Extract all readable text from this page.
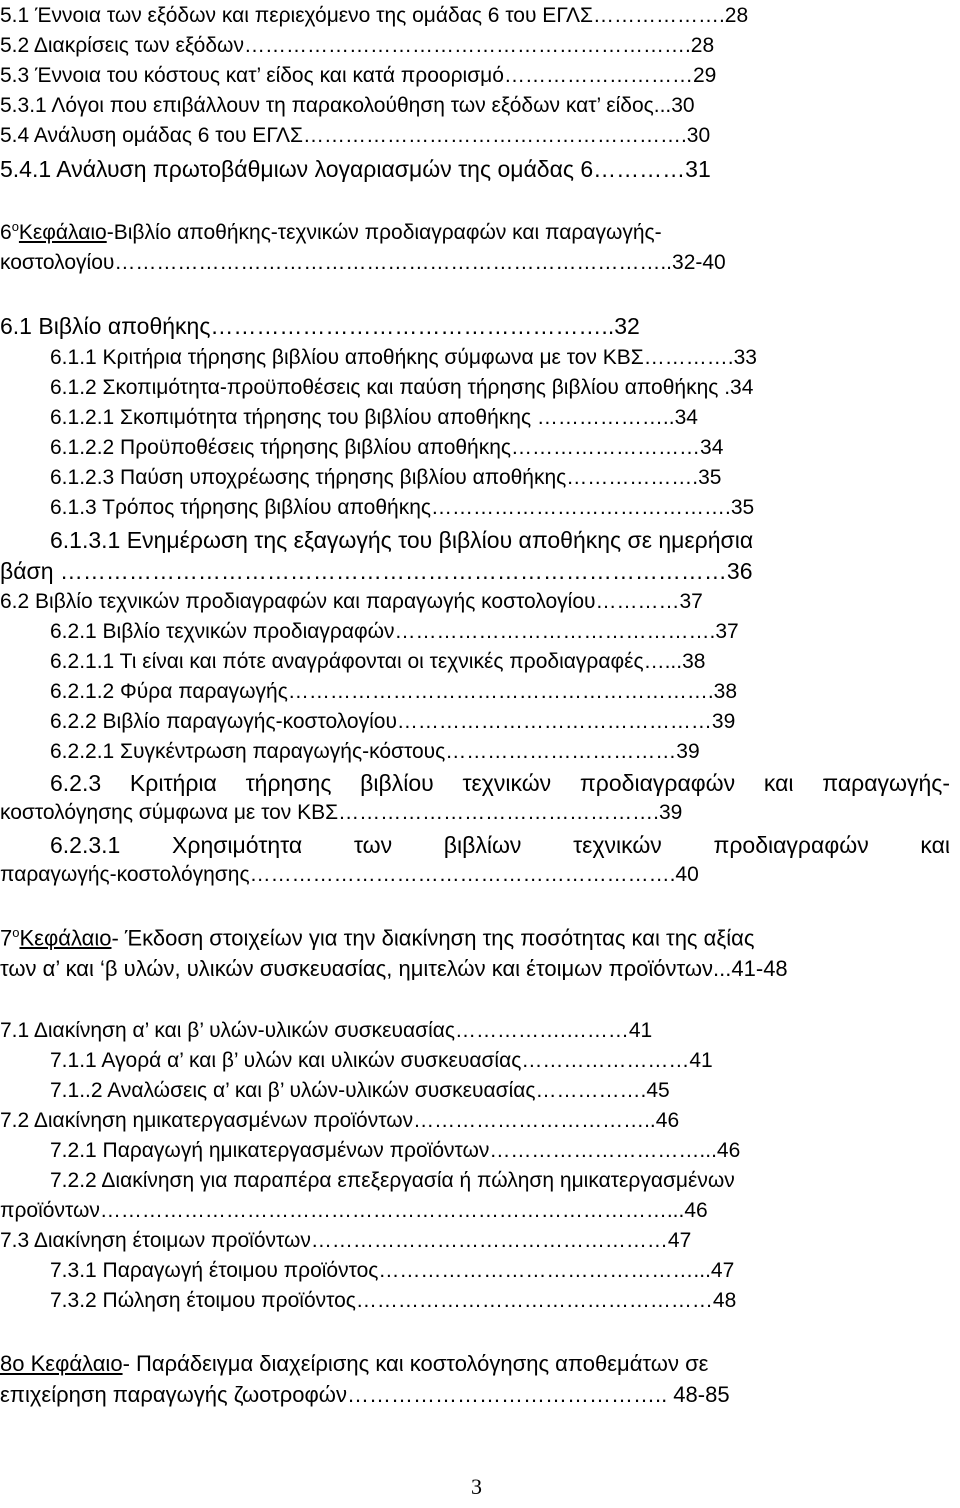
5.1 Έννοια των εξόδων και περιεχόμενο της ομάδας 6 του ΕΓΛΣ……………….28
5.2 Διακρίσεις των εξόδων……………………………………………………….28
5.3 Έννοια του κόστους κατ’ είδος και κατά προορισμό………………………29
5.3.1 Λόγοι που επιβάλλουν τη παρακολούθηση των εξόδων κατ’ είδος...30
5.4 Ανάλυση ομάδας 6 του ΕΓΛΣ……………………………………………….30
5.4.1 Ανάλυση πρωτοβάθμιων λογαριασμών της ομάδας 6…………31
$6^oK\varepsilon\varphi ά\lambda\alpha\iota o$-Βιβλίο αποθήκης-τεχνικών προδιαγραφών και παραγωγής-
κοστολογίου……………………………………………………………………..32-40
6.1 Βιβλίο αποθήκης……………………………………………..32
6.1.1 Κριτήρια τήρησης βιβλίου αποθήκης σύμφωνα με τον ΚΒΣ………….33
6.1.2 Σκοπιμότητα-προϋποθέσεις και παύση τήρησης βιβλίου αποθήκης .34
6.1.2.1 Σκοπιμότητα τήρησης του βιβλίου αποθήκης ………………..34
6.1.2.2 Προϋποθέσεις τήρησης βιβλίου αποθήκης………………………34
6.1.2.3 Παύση υποχρέωσης τήρησης βιβλίου αποθήκης……………….35
6.1.3 Τρόπος τήρησης βιβλίου αποθήκης…………………………………….35
6.1.3.1 Ενημέρωση της εξαγωγής του βιβλίου αποθήκης σε ημερήσια
βάση ……………………………………………………………………………36
6.2 Βιβλίο τεχνικών προδιαγραφών και παραγωγής κοστολογίου…………37
6.2.1 Βιβλίο τεχνικών προδιαγραφών……………………………………….37
6.2.1.1 Τι είναι και πότε αναγράφονται οι τεχνικές προδιαγραφές…...38
6.2.1.2 Φύρα παραγωγής…………………………………………………….38
6.2.2 Βιβλίο παραγωγής-κοστολογίου………………………………………39
6.2.2.1 Συγκέντρωση παραγωγής-κόστους……………………………39
6.2.3 Κριτήρια τήρησης βιβλίου τεχνικών προδιαγραφών και παραγωγής-
κοστολόγησης σύμφωνα με τον ΚΒΣ……………………………………….39
6.2.3.1 Χρησιμότητα των βιβλίων τεχνικών προδιαγραφών και
παραγωγής-κοστολόγησης…………………………………………………….40
$7^oK\varepsilon\varphi ά\lambda\alpha\iota o-$ Έκδοση στοιχείων για την διακίνηση της ποσότητας και της αξίας
των α’ και ‘β υλών, υλικών συσκευασίας, ημιτελών και έτοιμων προϊόντων...41-48
7.1 Διακίνηση α’ και β’ υλών-υλικών συσκευασίας…………….………41
7.1.1 Αγορά α’ και β’ υλών και υλικών συσκευασίας……………………41
7.1..2 Αναλώσεις α’ και β’ υλών-υλικών συσκευασίας…………….45
7.2 Διακίνηση ημικατεργασμένων προϊόντων……………………………..46
7.2.1 Παραγωγή ημικατεργασμένων προϊόντων…………………………...46
7.2.2 Διακίνηση για παραπέρα επεξεργασία ή πώληση ημικατεργασμένων
προϊόντων………………………………………………………………………...46
7.3 Διακίνηση έτοιμων προϊόντων……………………………………………47
7.3.1 Παραγωγή έτοιμου προϊόντος………………………………………...47
7.3.2 Πώληση έτοιμου προϊόντος……………………………………………48
8ο Κεφάλαιο- Παράδειγμα διαχείρισης και κοστολόγησης αποθεμάτων σε
επιχείρηση παραγωγής ζωοτροφών…………………………………….. 48-85
3
